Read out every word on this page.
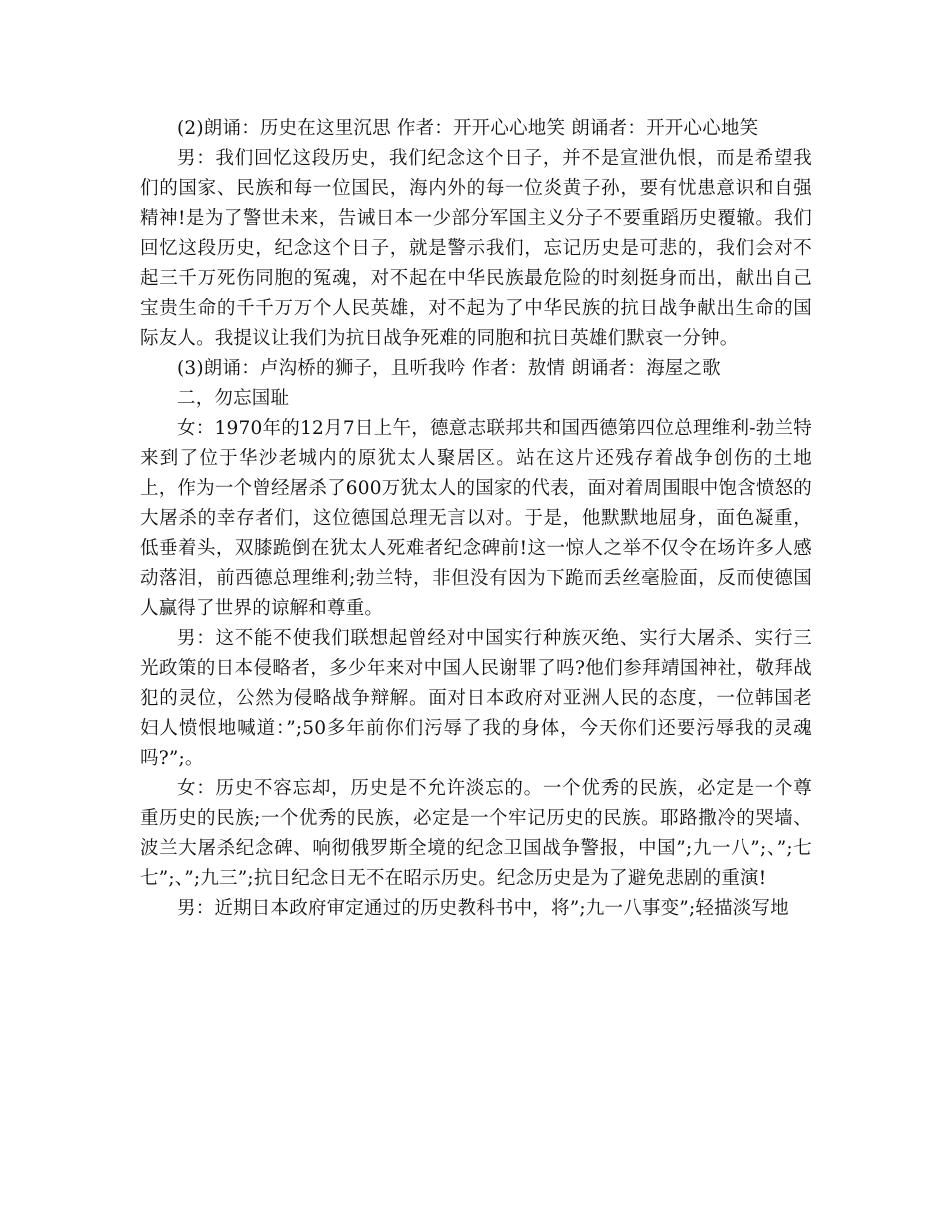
(2)朗诵：历史在这里沉思 作者：开开心心地笑 朗诵者：开开心心地笑

男：我们回忆这段历史，我们纪念这个日子，并不是宣泄仇恨，而是希望我们的国家、民族和每一位国民，海内外的每一位炎黄子孙，要有忧患意识和自强精神!是为了警世未来，告诫日本一少部分军国主义分子不要重蹈历史覆辙。我们回忆这段历史，纪念这个日子，就是警示我们，忘记历史是可悲的，我们会对不起三千万死伤同胞的冤魂，对不起在中华民族最危险的时刻挺身而出，献出自己宝贵生命的千千万万个人民英雄，对不起为了中华民族的抗日战争献出生命的国际友人。我提议让我们为抗日战争死难的同胞和抗日英雄们默哀一分钟。

(3)朗诵：卢沟桥的狮子，且听我吟 作者：敖情 朗诵者：海屋之歌

二，勿忘国耻

女：1970年的12月7日上午，德意志联邦共和国西德第四位总理维利-勃兰特来到了位于华沙老城内的原犹太人聚居区。站在这片还残存着战争创伤的土地上，作为一个曾经屠杀了600万犹太人的国家的代表，面对着周围眼中饱含愤怒的大屠杀的幸存者们，这位德国总理无言以对。于是，他默默地屈身，面色凝重，低垂着头，双膝跪倒在犹太人死难者纪念碑前!这一惊人之举不仅令在场许多人感动落泪，前西德总理维利;勃兰特，非但没有因为下跪而丢丝毫脸面，反而使德国人赢得了世界的谅解和尊重。

男：这不能不使我们联想起曾经对中国实行种族灭绝、实行大屠杀、实行三光政策的日本侵略者，多少年来对中国人民谢罪了吗?他们参拜靖国神社，敬拜战犯的灵位，公然为侵略战争辩解。面对日本政府对亚洲人民的态度，一位韩国老妇人愤恨地喊道：”;50多年前你们污辱了我的身体，今天你们还要污辱我的灵魂吗?”;。

女：历史不容忘却，历史是不允许淡忘的。一个优秀的民族，必定是一个尊重历史的民族;一个优秀的民族，必定是一个牢记历史的民族。耶路撒冷的哭墙、波兰大屠杀纪念碑、响彻俄罗斯全境的纪念卫国战争警报，中国”;九一八”;、”;七七”;、”;九三”;抗日纪念日无不在昭示历史。纪念历史是为了避免悲剧的重演!

男：近期日本政府审定通过的历史教科书中，将”;九一八事变”;轻描淡写地
